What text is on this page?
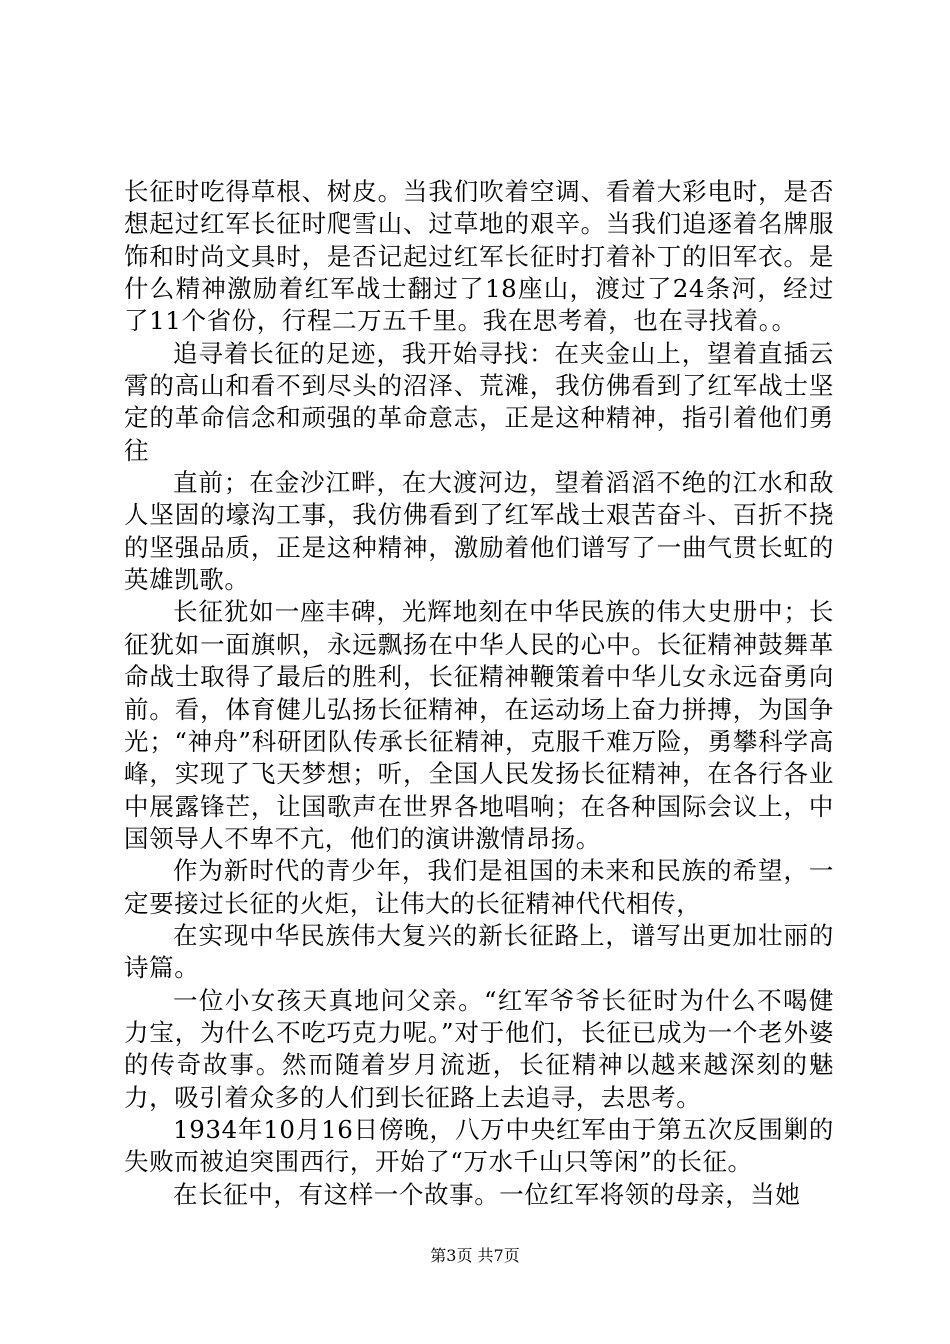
长征时吃得草根、树皮。当我们吹着空调、看着大彩电时，是否想起过红军长征时爬雪山、过草地的艰辛。当我们追逐着名牌服饰和时尚文具时，是否记起过红军长征时打着补丁的旧军衣。是什么精神激励着红军战士翻过了18座山，渡过了24条河，经过了11个省份，行程二万五千里。我在思考着，也在寻找着。。

追寻着长征的足迹，我开始寻找：在夹金山上，望着直插云霄的高山和看不到尽头的沼泽、荒滩，我仿佛看到了红军战士坚定的革命信念和顽强的革命意志，正是这种精神，指引着他们勇往

直前；在金沙江畔，在大渡河边，望着滔滔不绝的江水和敌人坚固的壕沟工事，我仿佛看到了红军战士艰苦奋斗、百折不挠的坚强品质，正是这种精神，激励着他们谱写了一曲气贯长虹的英雄凯歌。

长征犹如一座丰碑，光辉地刻在中华民族的伟大史册中；长征犹如一面旗帜，永远飘扬在中华人民的心中。长征精神鼓舞革命战士取得了最后的胜利，长征精神鞭策着中华儿女永远奋勇向前。看，体育健儿弘扬长征精神，在运动场上奋力拼搏，为国争光；“神舟”科研团队传承长征精神，克服千难万险，勇攀科学高峰，实现了飞天梦想；听，全国人民发扬长征精神，在各行各业中展露锋芒，让国歌声在世界各地唱响；在各种国际会议上，中国领导人不卑不亢，他们的演讲激情昂扬。

作为新时代的青少年，我们是祖国的未来和民族的希望，一定要接过长征的火炬，让伟大的长征精神代代相传，

在实现中华民族伟大复兴的新长征路上，谱写出更加壮丽的诗篇。

一位小女孩天真地问父亲。“红军爷爷长征时为什么不喝健力宝，为什么不吃巧克力呢。”对于他们，长征已成为一个老外婆的传奇故事。然而随着岁月流逝，长征精神以越来越深刻的魅力，吸引着众多的人们到长征路上去追寻，去思考。

1934年10月16日傍晚，八万中央红军由于第五次反围剿的失败而被迫突围西行，开始了“万水千山只等闲”的长征。

在长征中，有这样一个故事。一位红军将领的母亲，当她

第3页 共7页
